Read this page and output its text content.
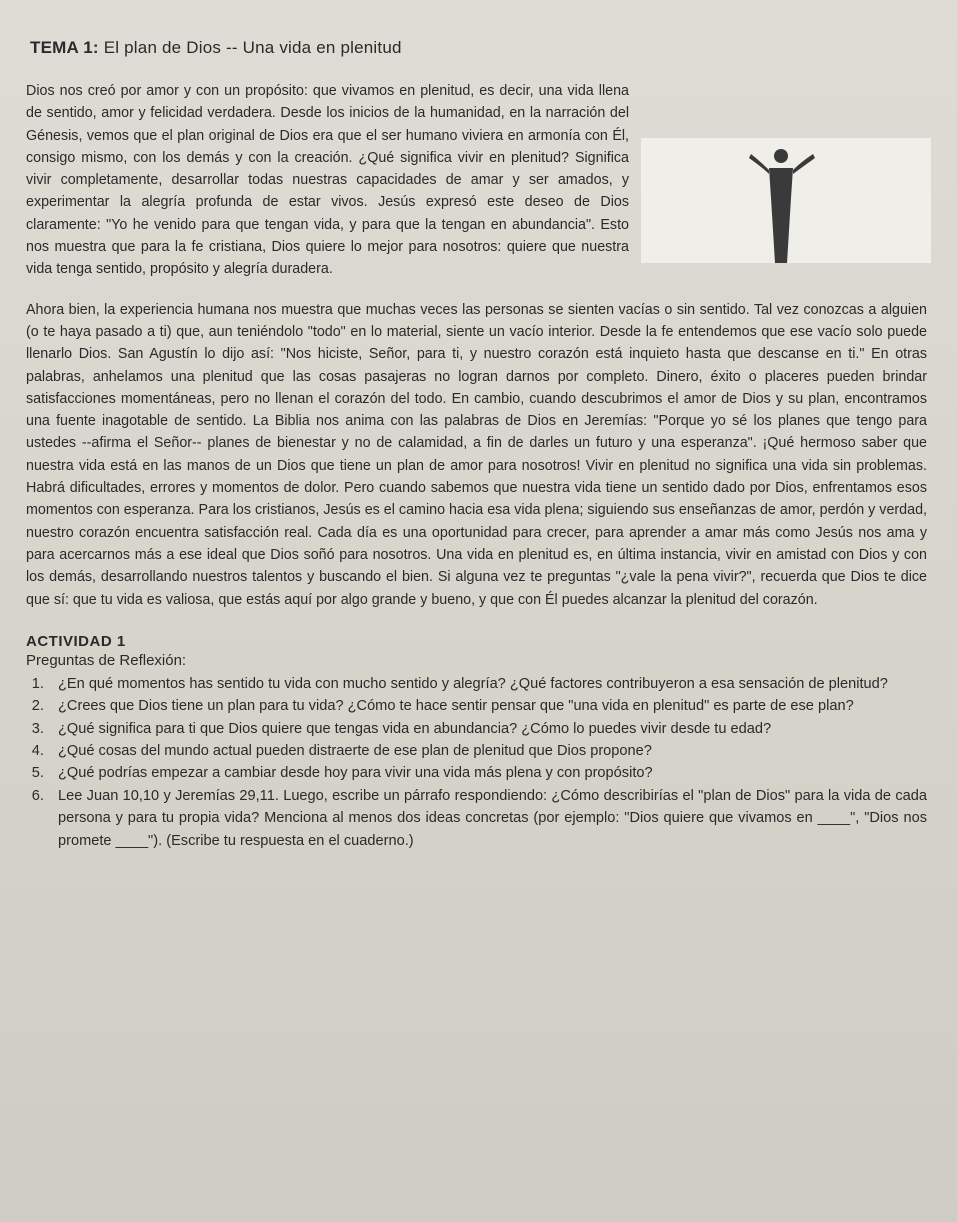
TEMA 1: El plan de Dios -- Una vida en plenitud

Dios nos creó por amor y con un propósito: que vivamos en plenitud, es decir, una vida llena de sentido, amor y felicidad verdadera. Desde los inicios de la humanidad, en la narración del Génesis, vemos que el plan original de Dios era que el ser humano viviera en armonía con Él, consigo mismo, con los demás y con la creación. ¿Qué significa vivir en plenitud? Significa vivir completamente, desarrollar todas nuestras capacidades de amar y ser amados, y experimentar la alegría profunda de estar vivos. Jesús expresó este deseo de Dios claramente: "Yo he venido para que tengan vida, y para que la tengan en abundancia". Esto nos muestra que para la fe cristiana, Dios quiere lo mejor para nosotros: quiere que nuestra vida tenga sentido, propósito y alegría duradera.

Ahora bien, la experiencia humana nos muestra que muchas veces las personas se sienten vacías o sin sentido. Tal vez conozcas a alguien (o te haya pasado a ti) que, aun teniéndolo "todo" en lo material, siente un vacío interior. Desde la fe entendemos que ese vacío solo puede llenarlo Dios. San Agustín lo dijo así: "Nos hiciste, Señor, para ti, y nuestro corazón está inquieto hasta que descanse en ti." En otras palabras, anhelamos una plenitud que las cosas pasajeras no logran darnos por completo. Dinero, éxito o placeres pueden brindar satisfacciones momentáneas, pero no llenan el corazón del todo. En cambio, cuando descubrimos el amor de Dios y su plan, encontramos una fuente inagotable de sentido. La Biblia nos anima con las palabras de Dios en Jeremías: "Porque yo sé los planes que tengo para ustedes --afirma el Señor-- planes de bienestar y no de calamidad, a fin de darles un futuro y una esperanza". ¡Qué hermoso saber que nuestra vida está en las manos de un Dios que tiene un plan de amor para nosotros! Vivir en plenitud no significa una vida sin problemas. Habrá dificultades, errores y momentos de dolor. Pero cuando sabemos que nuestra vida tiene un sentido dado por Dios, enfrentamos esos momentos con esperanza. Para los cristianos, Jesús es el camino hacia esa vida plena; siguiendo sus enseñanzas de amor, perdón y verdad, nuestro corazón encuentra satisfacción real. Cada día es una oportunidad para crecer, para aprender a amar más como Jesús nos ama y para acercarnos más a ese ideal que Dios soñó para nosotros. Una vida en plenitud es, en última instancia, vivir en amistad con Dios y con los demás, desarrollando nuestros talentos y buscando el bien. Si alguna vez te preguntas "¿vale la pena vivir?", recuerda que Dios te dice que sí: que tu vida es valiosa, que estás aquí por algo grande y bueno, y que con Él puedes alcanzar la plenitud del corazón.

ACTIVIDAD 1
Preguntas de Reflexión:
1. ¿En qué momentos has sentido tu vida con mucho sentido y alegría? ¿Qué factores contribuyeron a esa sensación de plenitud?
2. ¿Crees que Dios tiene un plan para tu vida? ¿Cómo te hace sentir pensar que "una vida en plenitud" es parte de ese plan?
3. ¿Qué significa para ti que Dios quiere que tengas vida en abundancia? ¿Cómo lo puedes vivir desde tu edad?
4. ¿Qué cosas del mundo actual pueden distraerte de ese plan de plenitud que Dios propone?
5. ¿Qué podrías empezar a cambiar desde hoy para vivir una vida más plena y con propósito?
6. Lee Juan 10,10 y Jeremías 29,11. Luego, escribe un párrafo respondiendo: ¿Cómo describirías el "plan de Dios" para la vida de cada persona y para tu propia vida? Menciona al menos dos ideas concretas (por ejemplo: "Dios quiere que vivamos en ____", "Dios nos promete ____"). (Escribe tu respuesta en el cuaderno.)
